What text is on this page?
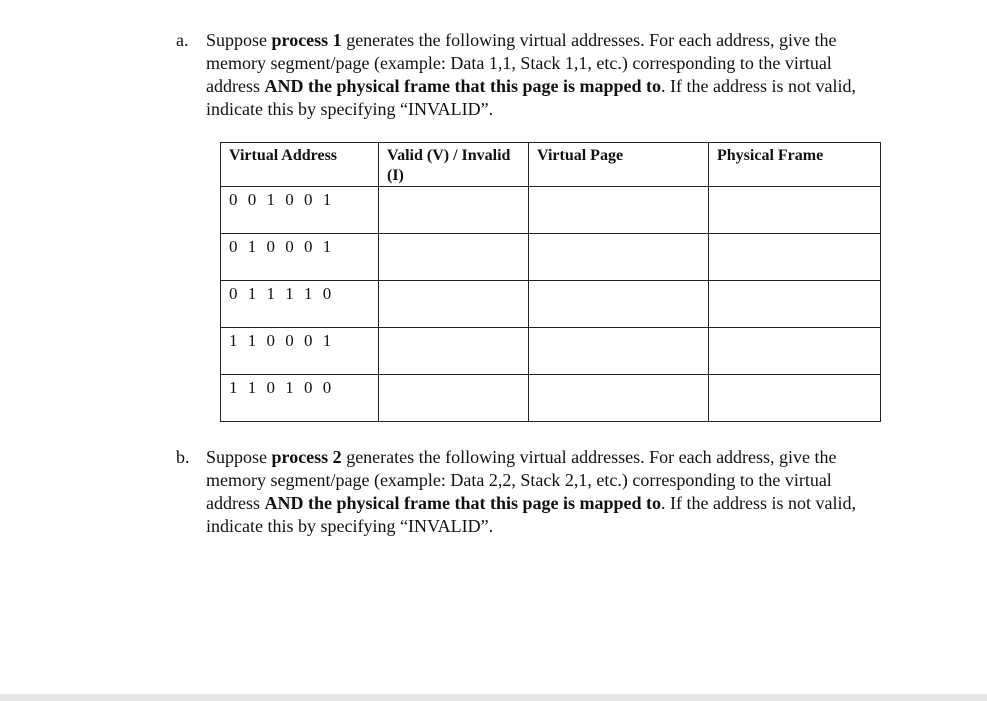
a. Suppose process 1 generates the following virtual addresses. For each address, give the memory segment/page (example: Data 1,1, Stack 1,1, etc.) corresponding to the virtual address AND the physical frame that this page is mapped to. If the address is not valid, indicate this by specifying “INVALID”.
Virtual Address	Valid (V) / Invalid (I)	Virtual Page	Physical Frame
0 0 1 0 0 1			
0 1 0 0 0 1			
0 1 1 1 1 0			
1 1 0 0 0 1			
1 1 0 1 0 0			
b. Suppose process 2 generates the following virtual addresses. For each address, give the memory segment/page (example: Data 2,2, Stack 2,1, etc.) corresponding to the virtual address AND the physical frame that this page is mapped to. If the address is not valid, indicate this by specifying “INVALID”.
